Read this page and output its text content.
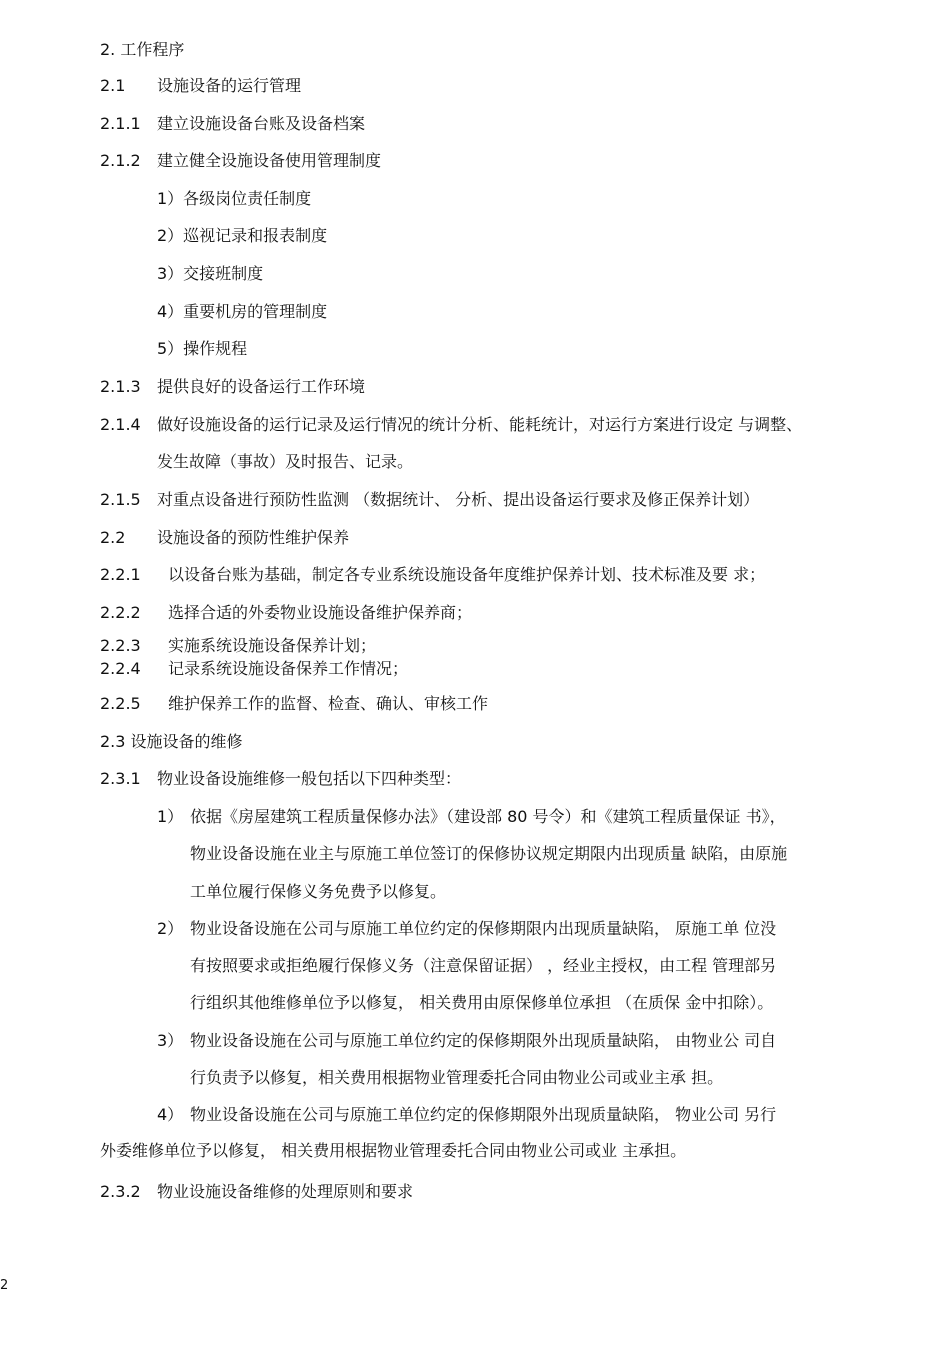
2. 工作程序
2.1 设施设备的运行管理
2.1.1 建立设施设备台账及设备档案
2.1.2 建立健全设施设备使用管理制度
1）各级岗位责任制度
2）巡视记录和报表制度
3）交接班制度
4）重要机房的管理制度
5）操作规程
2.1.3 提供良好的设备运行工作环境
2.1.4 做好设施设备的运行记录及运行情况的统计分析、能耗统计，对运行方案进行设定 与调整、
发生故障（事故）及时报告、记录。
2.1.5 对重点设备进行预防性监测 （数据统计、 分析、提出设备运行要求及修正保养计划）
2.2 设施设备的预防性维护保养
2.2.1 以设备台账为基础，制定各专业系统设施设备年度维护保养计划、技术标准及要 求；
2.2.2 选择合适的外委物业设施设备维护保养商；
2.2.3 实施系统设施设备保养计划；
2.2.4 记录系统设施设备保养工作情况；
2.2.5 维护保养工作的监督、检查、确认、审核工作
2.3 设施设备的维修
2.3.1 物业设备设施维修一般包括以下四种类型：
1） 依据《房屋建筑工程质量保修办法》（建设部 80 号令）和《建筑工程质量保证 书》，
物业设备设施在业主与原施工单位签订的保修协议规定期限内出现质量 缺陷，由原施
工单位履行保修义务免费予以修复。
2） 物业设备设施在公司与原施工单位约定的保修期限内出现质量缺陷， 原施工单 位没
有按照要求或拒绝履行保修义务（注意保留证据） ，经业主授权，由工程 管理部另
行组织其他维修单位予以修复， 相关费用由原保修单位承担 （在质保 金中扣除）。
3） 物业设备设施在公司与原施工单位约定的保修期限外出现质量缺陷， 由物业公 司自
行负责予以修复，相关费用根据物业管理委托合同由物业公司或业主承 担。
4） 物业设备设施在公司与原施工单位约定的保修期限外出现质量缺陷， 物业公司 另行
外委维修单位予以修复， 相关费用根据物业管理委托合同由物业公司或业 主承担。
2.3.2 物业设施设备维修的处理原则和要求
2
